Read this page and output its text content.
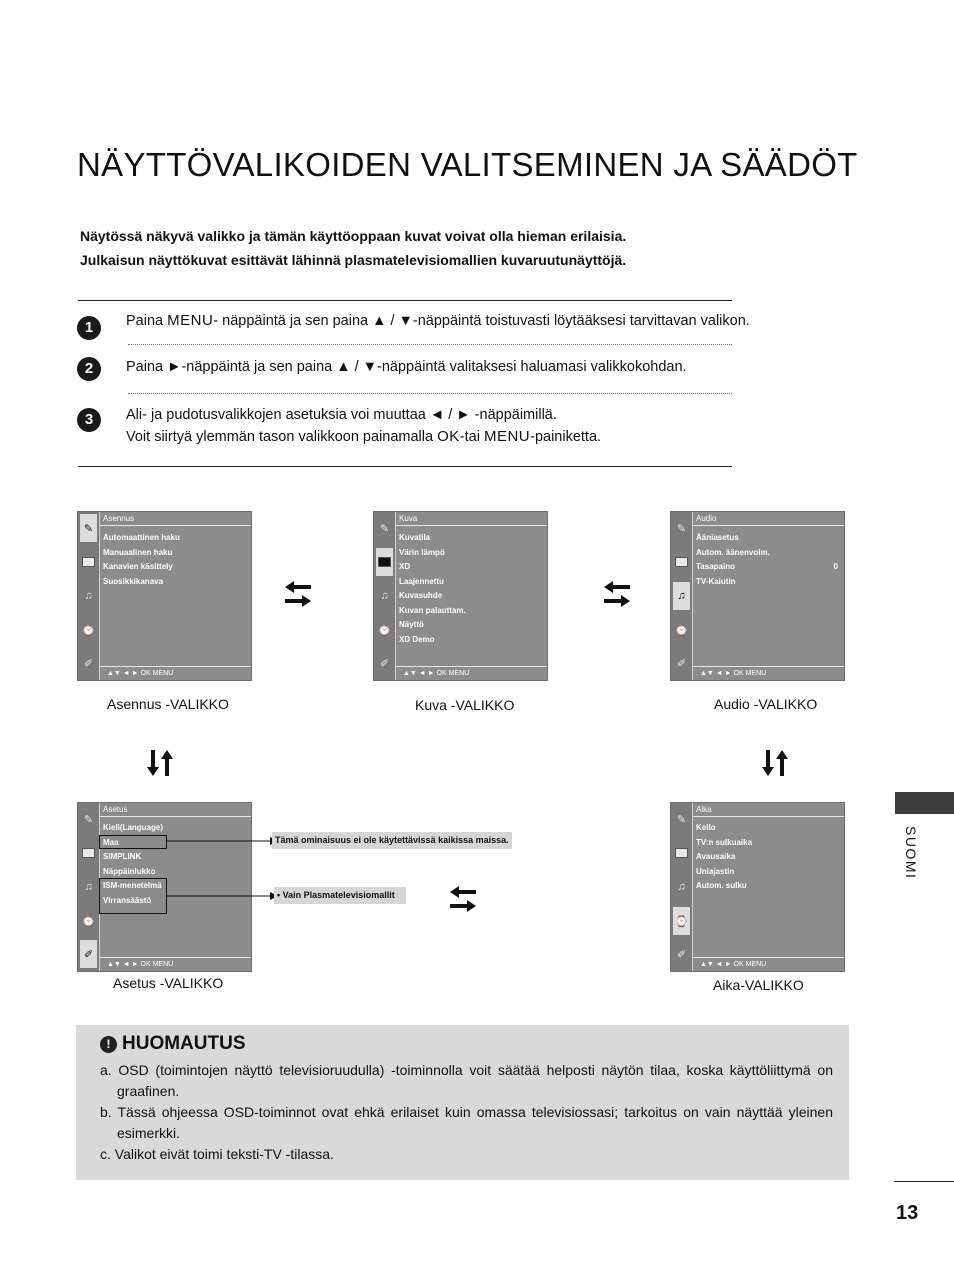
NÄYTTÖVALIKOIDEN VALITSEMINEN JA SÄÄDÖT
Näytössä näkyvä valikko ja tämän käyttöoppaan kuvat voivat olla hieman erilaisia.
Julkaisun näyttökuvat esittävät lähinnä plasmatelevisiomallien kuvaruutunäyttöjä.
1	Paina MENU- näppäintä ja sen paina ▲ / ▼-näppäintä toistuvasti löytääksesi tarvittavan valikon.
2	Paina ►-näppäintä ja sen paina ▲ / ▼-näppäintä valitaksesi haluamasi valikkokohdan.
3	Ali- ja pudotusvalikkojen asetuksia voi muuttaa ◄ / ► -näppäimillä.
Voit siirtyä ylemmän tason valikkoon painamalla OK-tai MENU-painiketta.
✎
♫
⌚
✐
Asennus
Automaattinen haku
Manuaalinen haku
Kanavien käsittely
Suosikkikanava
▲▼ ◄ ► OK MENU
Asennus -VALIKKO
✎
♫
⌚
✐
Kuva
Kuvatila
Värin lämpö
XD
Laajennettu
Kuvasuhde
Kuvan palauttam.
Näyttö
XD Demo
▲▼ ◄ ► OK MENU
Kuva -VALIKKO
✎
♫
⌚
✐
Audio
Ääniasetus
Autom. äänenvoim.
Tasapaino	0
TV-Kaiutin
▲▼ ◄ ► OK MENU
Audio -VALIKKO
✎
♫
⌚
✐
Asetus
Kieli(Language)
Maa
SIMPLINK
Näppäinlukko
ISM-menetelmä
Virransäästö
▲▼ ◄ ► OK MENU
Asetus -VALIKKO
Tämä ominaisuus ei ole käytettävissä kaikissa maissa.
• Vain Plasmatelevisiomallit
✎
♫
⌚
✐
Aika
Kello
TV:n sulkuaika
Avausaika
Uniajastin
Autom. sulku
▲▼ ◄ ► OK MENU
Aika-VALIKKO
SUOMI
! HUOMAUTUS
a. OSD (toimintojen näyttö televisioruudulla) -toiminnolla voit säätää helposti näytön tilaa, koska käyttöliittymä on graafinen.
b. Tässä ohjeessa OSD-toiminnot ovat ehkä erilaiset kuin omassa televisiossasi; tarkoitus on vain näyttää yleinen esimerkki.
c. Valikot eivät toimi teksti-TV -tilassa.
13
